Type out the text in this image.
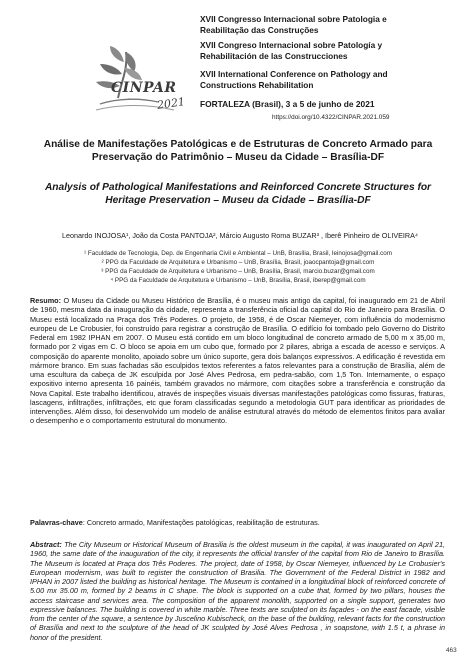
CINPAR
2021
XVII Congresso Internacional sobre Patologia e
Reabilitação das Construções
XVII Congreso Internacional sobre Patología y
Rehabilitación de las Construcciones
XVII International Conference on Pathology and
Constructions Rehabilitation
FORTALEZA (Brasil), 3 a 5 de junho de 2021
https://doi.org/10.4322/CINPAR.2021.059
Análise de Manifestações Patológicas e de Estruturas de Concreto Armado para
Preservação do Patrimônio – Museu da Cidade – Brasília-DF
Analysis of Pathological Manifestations and Reinforced Concrete Structures for
Heritage Preservation – Museu da Cidade – Brasília-DF
Leonardo INOJOSA¹, João da Costa PANTOJA², Márcio Augusto Roma BUZAR³ , Iberê Pinheiro de OLIVEIRA⁴
¹ Faculdade de Tecnologia, Dep. de Engenharia Civil e Ambiental – UnB, Brasília, Brasil, leinojosa@gmail.com
² PPG da Faculdade de Arquitetura e Urbanismo – UnB, Brasília, Brasil, joaocpantoja@gmail.com
³ PPG da Faculdade de Arquitetura e Urbanismo – UnB, Brasília, Brasil, marcio.buzar@gmail.com
⁴ PPG da Faculdade de Arquitetura e Urbanismo – UnB, Brasília, Brasil, iberep@gmail.com
Resumo: O Museu da Cidade ou Museu Histórico de Brasília, é o museu mais antigo da capital, foi inaugurado em 21 de Abril de 1960, mesma data da inauguração da cidade, representa a transferência oficial da capital do Rio de Janeiro para Brasília. O Museu está localizado na Praça dos Três Poderes. O projeto, de 1958, é de Oscar Niemeyer, com influência do modernismo europeu de Le Crobusier, foi construído para registrar a construção de Brasília. O edifício foi tombado pelo Governo do Distrito Federal em 1982 IPHAN em 2007. O Museu está contido em um bloco longitudinal de concreto armado de 5,00 m x 35,00 m, formado por 2 vigas em C. O bloco se apoia em um cubo que, formado por 2 pilares, abriga a escada de acesso e serviços. A composição do aparente monolito, apoiado sobre um único suporte, gera dois balanços expressivos. A edificação é revestida em mármore branco. Em suas fachadas são esculpidos textos referentes a fatos relevantes para a construção de Brasília, além de uma escultura da cabeça de JK esculpida por José Alves Pedrosa, em pedra-sabão, com 1,5 Ton. Internamente, o espaço expositivo interno apresenta 16 painéis, também gravados no mármore, com citações sobre a transferência e construção da Nova Capital. Este trabalho identificou, através de inspeções visuais diversas manifestações patológicas como fissuras, fraturas, lascagens, infiltrações, infiltrações, etc que foram classificadas segundo a metodologia GUT para identificar as prioridades de intervenções. Além disso, foi desenvolvido um modelo de análise estrutural através do método de elementos finitos para avaliar o desempenho e o comportamento estrutural do monumento.
Palavras-chave: Concreto armado, Manifestações patológicas, reabilitação de estruturas.
Abstract: The City Museum or Historical Museum of Brasilia is the oldest museum in the capital, it was inaugurated on April 21, 1960, the same date of the inauguration of the city, it represents the official transfer of the capital from Rio de Janeiro to Brasília. The Museum is located at Praça dos Três Poderes. The project, date of 1958, by Oscar Niemeyer, influenced by Le Crobusier's European modernism, was built to register the construction of Brasilia. The Government of the Federal District in 1982 and IPHAN in 2007 listed the building as historical heritage. The Museum is contained in a longitudinal block of reinforced concrete of 5.00 mx 35.00 m, formed by 2 beams in C shape. The block is supported on a cube that, formed by two pillars, houses the access staircase and services area. The composition of the apparent monolith, supported on a single support, generates two expressive balances. The building is covered in white marble. Three texts are sculpted on its façades - on the east facade, visible from the center of the square, a sentence by Juscelino Kubischeck, on the base of the building, relevant facts for the construction of Brasília and next to the sculpture of the head of JK sculpted by José Alves Pedrosa , in soapstone, with 1.5 t, a phrase in honor of the president.
463
